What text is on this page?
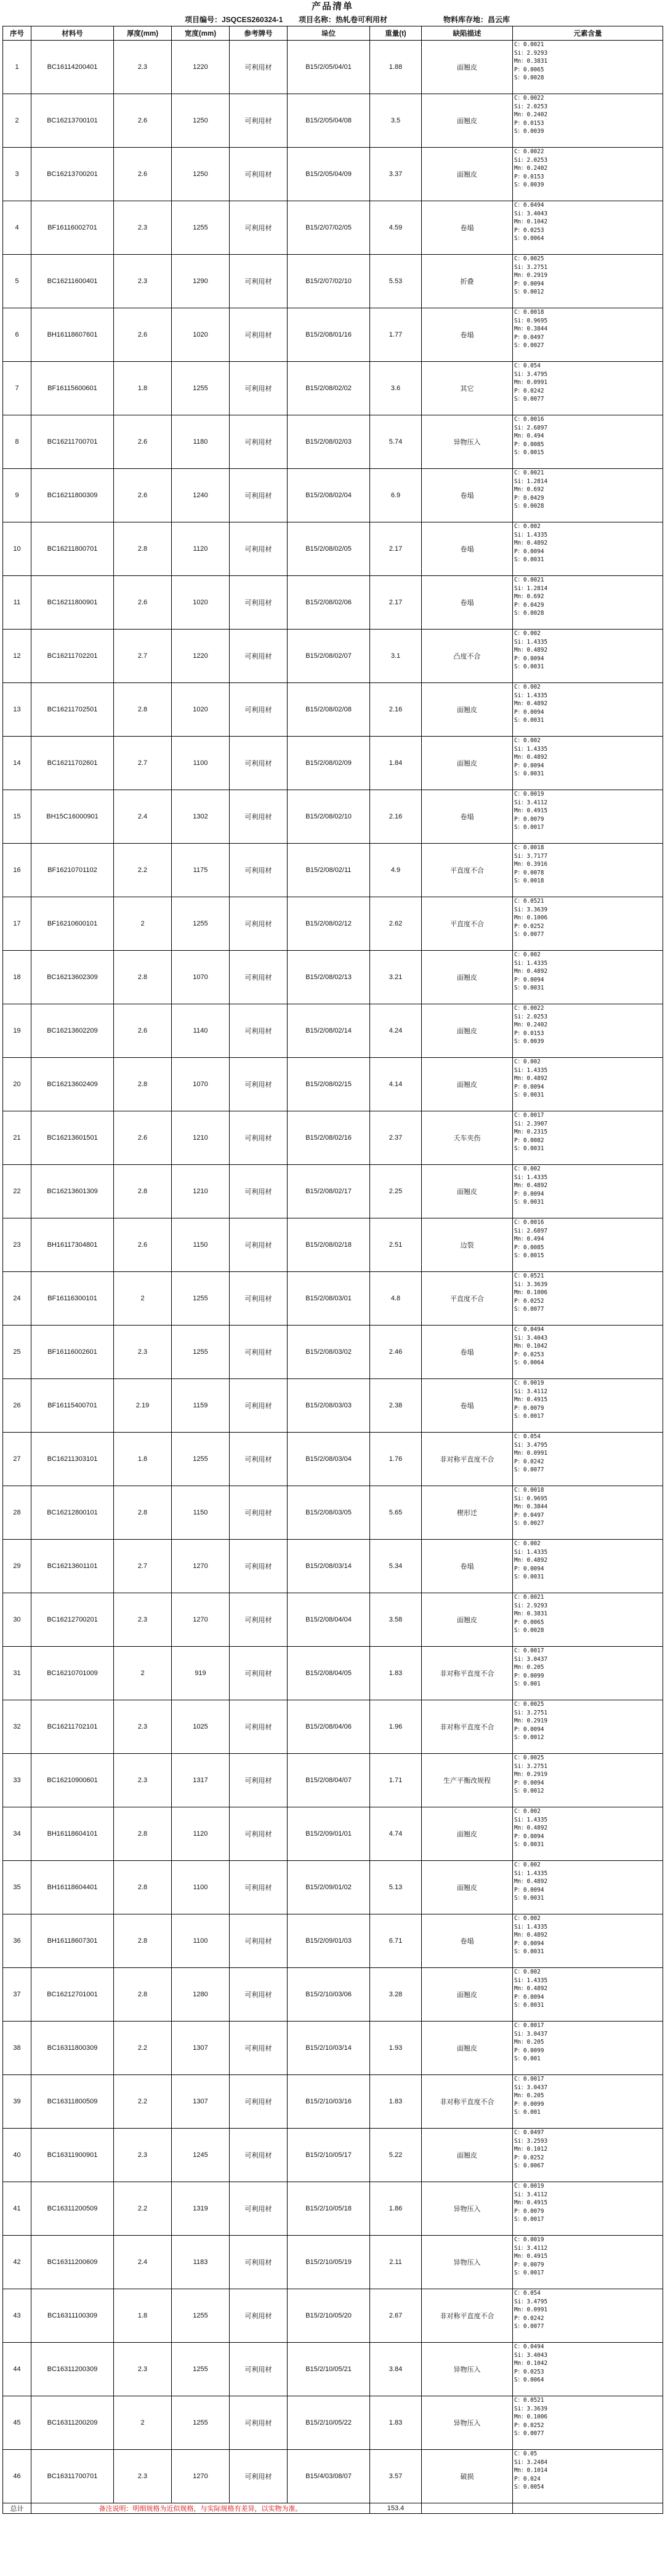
产品清单
项目编号：JSQCES260324-1 项目名称：热轧卷可利用材	物料库存地：昌云库
序号	材料号	厚度(mm)	宽度(mm)	参考牌号	垛位	重量(t)	缺陷描述	元素含量
1	BC16114200401	2.3	1220	可利用材	B15/2/05/04/01	1.88	面翘皮	C：0.0021
Si：2.9293
Mn：0.3831
P：0.0065
S：0.0028
2	BC16213700101	2.6	1250	可利用材	B15/2/05/04/08	3.5	面翘皮	C：0.0022
Si：2.0253
Mn：0.2402
P：0.0153
S：0.0039
3	BC16213700201	2.6	1250	可利用材	B15/2/05/04/09	3.37	面翘皮	C：0.0022
Si：2.0253
Mn：0.2402
P：0.0153
S：0.0039
4	BF16116002701	2.3	1255	可利用材	B15/2/07/02/05	4.59	卷塌	C：0.0494
Si：3.4043
Mn：0.1042
P：0.0253
S：0.0064
5	BC16211600401	2.3	1290	可利用材	B15/2/07/02/10	5.53	折叠	C：0.0025
Si：3.2751
Mn：0.2919
P：0.0094
S：0.0012
6	BH16118607601	2.6	1020	可利用材	B15/2/08/01/16	1.77	卷塌	C：0.0018
Si：0.9695
Mn：0.3844
P：0.0497
S：0.0027
7	BF16115600601	1.8	1255	可利用材	B15/2/08/02/02	3.6	其它	C：0.054
Si：3.4795
Mn：0.0991
P：0.0242
S：0.0077
8	BC16211700701	2.6	1180	可利用材	B15/2/08/02/03	5.74	异物压入	C：0.0016
Si：2.6897
Mn：0.494
P：0.0085
S：0.0015
9	BC16211800309	2.6	1240	可利用材	B15/2/08/02/04	6.9	卷塌	C：0.0021
Si：1.2814
Mn：0.692
P：0.0429
S：0.0028
10	BC16211800701	2.8	1120	可利用材	B15/2/08/02/05	2.17	卷塌	C：0.002
Si：1.4335
Mn：0.4892
P：0.0094
S：0.0031
11	BC16211800901	2.6	1020	可利用材	B15/2/08/02/06	2.17	卷塌	C：0.0021
Si：1.2814
Mn：0.692
P：0.0429
S：0.0028
12	BC16211702201	2.7	1220	可利用材	B15/2/08/02/07	3.1	凸度不合	C：0.002
Si：1.4335
Mn：0.4892
P：0.0094
S：0.0031
13	BC16211702501	2.8	1020	可利用材	B15/2/08/02/08	2.16	面翘皮	C：0.002
Si：1.4335
Mn：0.4892
P：0.0094
S：0.0031
14	BC16211702601	2.7	1100	可利用材	B15/2/08/02/09	1.84	面翘皮	C：0.002
Si：1.4335
Mn：0.4892
P：0.0094
S：0.0031
15	BH15C16000901	2.4	1302	可利用材	B15/2/08/02/10	2.16	卷塌	C：0.0019
Si：3.4112
Mn：0.4915
P：0.0079
S：0.0017
16	BF16210701102	2.2	1175	可利用材	B15/2/08/02/11	4.9	平直度不合	C：0.0018
Si：3.7177
Mn：0.3916
P：0.0078
S：0.0018
17	BF16210600101	2	1255	可利用材	B15/2/08/02/12	2.62	平直度不合	C：0.0521
Si：3.3639
Mn：0.1006
P：0.0252
S：0.0077
18	BC16213602309	2.8	1070	可利用材	B15/2/08/02/13	3.21	面翘皮	C：0.002
Si：1.4335
Mn：0.4892
P：0.0094
S：0.0031
19	BC16213602209	2.6	1140	可利用材	B15/2/08/02/14	4.24	面翘皮	C：0.0022
Si：2.0253
Mn：0.2402
P：0.0153
S：0.0039
20	BC16213602409	2.8	1070	可利用材	B15/2/08/02/15	4.14	面翘皮	C：0.002
Si：1.4335
Mn：0.4892
P：0.0094
S：0.0031
21	BC16213601501	2.6	1210	可利用材	B15/2/08/02/16	2.37	夭车夹伤	C：0.0017
Si：2.3907
Mn：0.2315
P：0.0082
S：0.0031
22	BC16213601309	2.8	1210	可利用材	B15/2/08/02/17	2.25	面翘皮	C：0.002
Si：1.4335
Mn：0.4892
P：0.0094
S：0.0031
23	BH16117304801	2.6	1150	可利用材	B15/2/08/02/18	2.51	边裂	C：0.0016
Si：2.6897
Mn：0.494
P：0.0085
S：0.0015
24	BF16116300101	2	1255	可利用材	B15/2/08/03/01	4.8	平直度不合	C：0.0521
Si：3.3639
Mn：0.1006
P：0.0252
S：0.0077
25	BF16116002601	2.3	1255	可利用材	B15/2/08/03/02	2.46	卷塌	C：0.0494
Si：3.4043
Mn：0.1042
P：0.0253
S：0.0064
26	BF16115400701	2.19	1159	可利用材	B15/2/08/03/03	2.38	卷塌	C：0.0019
Si：3.4112
Mn：0.4915
P：0.0079
S：0.0017
27	BC16211303101	1.8	1255	可利用材	B15/2/08/03/04	1.76	非对称平直度不合	C：0.054
Si：3.4795
Mn：0.0991
P：0.0242
S：0.0077
28	BC16212800101	2.8	1150	可利用材	B15/2/08/03/05	5.65	楔形迁	C：0.0018
Si：0.9695
Mn：0.3844
P：0.0497
S：0.0027
29	BC16213601101	2.7	1270	可利用材	B15/2/08/03/14	5.34	卷塌	C：0.002
Si：1.4335
Mn：0.4892
P：0.0094
S：0.0031
30	BC16212700201	2.3	1270	可利用材	B15/2/08/04/04	3.58	面翘皮	C：0.0021
Si：2.9293
Mn：0.3831
P：0.0065
S：0.0028
31	BC16210701009	2	919	可利用材	B15/2/08/04/05	1.83	非对称平直度不合	C：0.0017
Si：3.0437
Mn：0.205
P：0.0099
S：0.001
32	BC16211702101	2.3	1025	可利用材	B15/2/08/04/06	1.96	非对称平直度不合	C：0.0025
Si：3.2751
Mn：0.2919
P：0.0094
S：0.0012
33	BC16210900601	2.3	1317	可利用材	B15/2/08/04/07	1.71	生产平衡改规程	C：0.0025
Si：3.2751
Mn：0.2919
P：0.0094
S：0.0012
34	BH16118604101	2.8	1120	可利用材	B15/2/09/01/01	4.74	面翘皮	C：0.002
Si：1.4335
Mn：0.4892
P：0.0094
S：0.0031
35	BH16118604401	2.8	1100	可利用材	B15/2/09/01/02	5.13	面翘皮	C：0.002
Si：1.4335
Mn：0.4892
P：0.0094
S：0.0031
36	BH16118607301	2.8	1100	可利用材	B15/2/09/01/03	6.71	卷塌	C：0.002
Si：1.4335
Mn：0.4892
P：0.0094
S：0.0031
37	BC16212701001	2.8	1280	可利用材	B15/2/10/03/06	3.28	面翘皮	C：0.002
Si：1.4335
Mn：0.4892
P：0.0094
S：0.0031
38	BC16311800309	2.2	1307	可利用材	B15/2/10/03/14	1.93	面翘皮	C：0.0017
Si：3.0437
Mn：0.205
P：0.0099
S：0.001
39	BC16311800509	2.2	1307	可利用材	B15/2/10/03/16	1.83	非对称平直度不合	C：0.0017
Si：3.0437
Mn：0.205
P：0.0099
S：0.001
40	BC16311900901	2.3	1245	可利用材	B15/2/10/05/17	5.22	面翘皮	C：0.0497
Si：3.2593
Mn：0.1012
P：0.0252
S：0.0067
41	BC16311200509	2.2	1319	可利用材	B15/2/10/05/18	1.86	异物压入	C：0.0019
Si：3.4112
Mn：0.4915
P：0.0079
S：0.0017
42	BC16311200609	2.4	1183	可利用材	B15/2/10/05/19	2.11	异物压入	C：0.0019
Si：3.4112
Mn：0.4915
P：0.0079
S：0.0017
43	BC16311100309	1.8	1255	可利用材	B15/2/10/05/20	2.67	非对称平直度不合	C：0.054
Si：3.4795
Mn：0.0991
P：0.0242
S：0.0077
44	BC16311200309	2.3	1255	可利用材	B15/2/10/05/21	3.84	异物压入	C：0.0494
Si：3.4043
Mn：0.1042
P：0.0253
S：0.0064
45	BC16311200209	2	1255	可利用材	B15/2/10/05/22	1.83	异物压入	C：0.0521
Si：3.3639
Mn：0.1006
P：0.0252
S：0.0077
46	BC16311700701	2.3	1270	可利用材	B15/4/03/08/07	3.57	破损	C：0.05
Si：3.2484
Mn：0.1014
P：0.024
S：0.0054
总计	备注说明：明细规格为近似规格，与实际规格有差异，以实物为准。					153.4		
